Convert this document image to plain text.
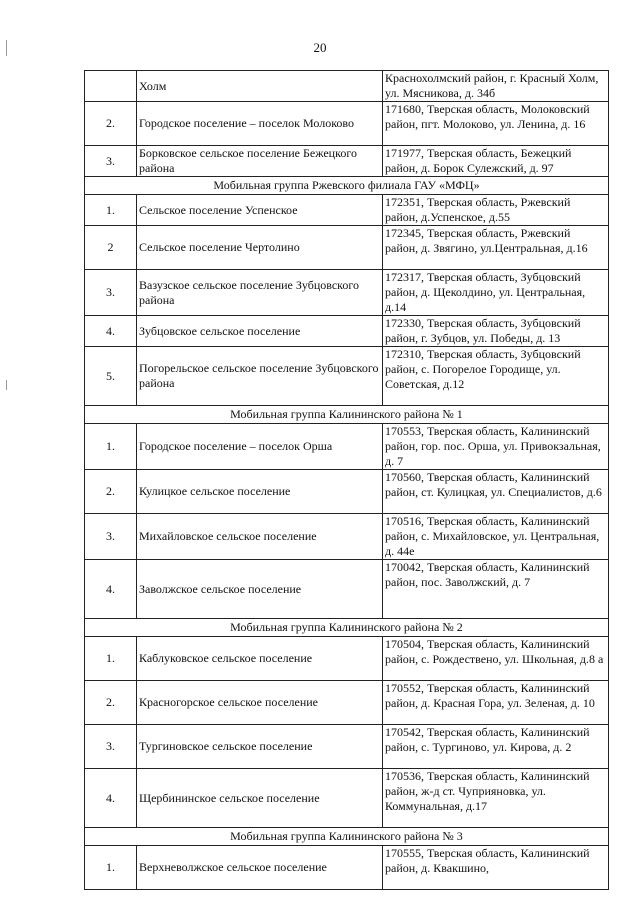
20
	Холм	Краснохолмский район, г. Красный Холм, ул. Мясникова, д. 34б
2.	Городское поселение – поселок Молоково	171680, Тверская область, Молоковский район, пгт. Молоково, ул. Ленина, д. 16
3.	Борковское сельское поселение Бежецкого района	171977, Тверская область, Бежецкий район, д. Борок Сулежский, д. 97
Мобильная группа Ржевского филиала ГАУ «МФЦ»		
1.	Сельское поселение Успенское	172351, Тверская область, Ржевский район, д.Успенское, д.55
2	Сельское поселение Чертолино	172345, Тверская область, Ржевский район, д. Звягино, ул.Центральная, д.16
3.	Вазузское сельское поселение Зубцовского района	172317, Тверская область, Зубцовский район, д. Щеколдино, ул. Центральная, д.14
4.	Зубцовское сельское поселение	172330, Тверская область, Зубцовский район, г. Зубцов, ул. Победы, д. 13
5.	Погорельское сельское поселение Зубцовского района	172310, Тверская область, Зубцовский район, с. Погорелое Городище, ул. Советская, д.12
Мобильная группа Калининского района № 1		
1.	Городское поселение – поселок Орша	170553, Тверская область, Калининский район, гор. пос. Орша, ул. Привокзальная, д. 7
2.	Кулицкое сельское поселение	170560, Тверская область, Калининский район, ст. Кулицкая, ул. Специалистов, д.6
3.	Михайловское сельское поселение	170516, Тверская область, Калининский район, с. Михайловское, ул. Центральная, д. 44е
4.	Заволжское сельское поселение	170042, Тверская область, Калининский район, пос. Заволжский, д. 7
Мобильная группа Калининского района № 2		
1.	Каблуковское сельское поселение	170504, Тверская область, Калининский район, с. Рождествено, ул. Школьная, д.8 а
2.	Красногорское сельское поселение	170552, Тверская область, Калининский район, д. Красная Гора, ул. Зеленая, д. 10
3.	Тургиновское сельское поселение	170542, Тверская область, Калининский район, с. Тургиново, ул. Кирова, д. 2
4.	Щербининское сельское поселение	170536, Тверская область, Калининский район, ж-д ст. Чуприяновка, ул. Коммунальная, д.17
Мобильная группа Калининского района № 3		
1.	Верхневолжское сельское поселение	170555, Тверская область, Калининский район, д. Квакшино,
